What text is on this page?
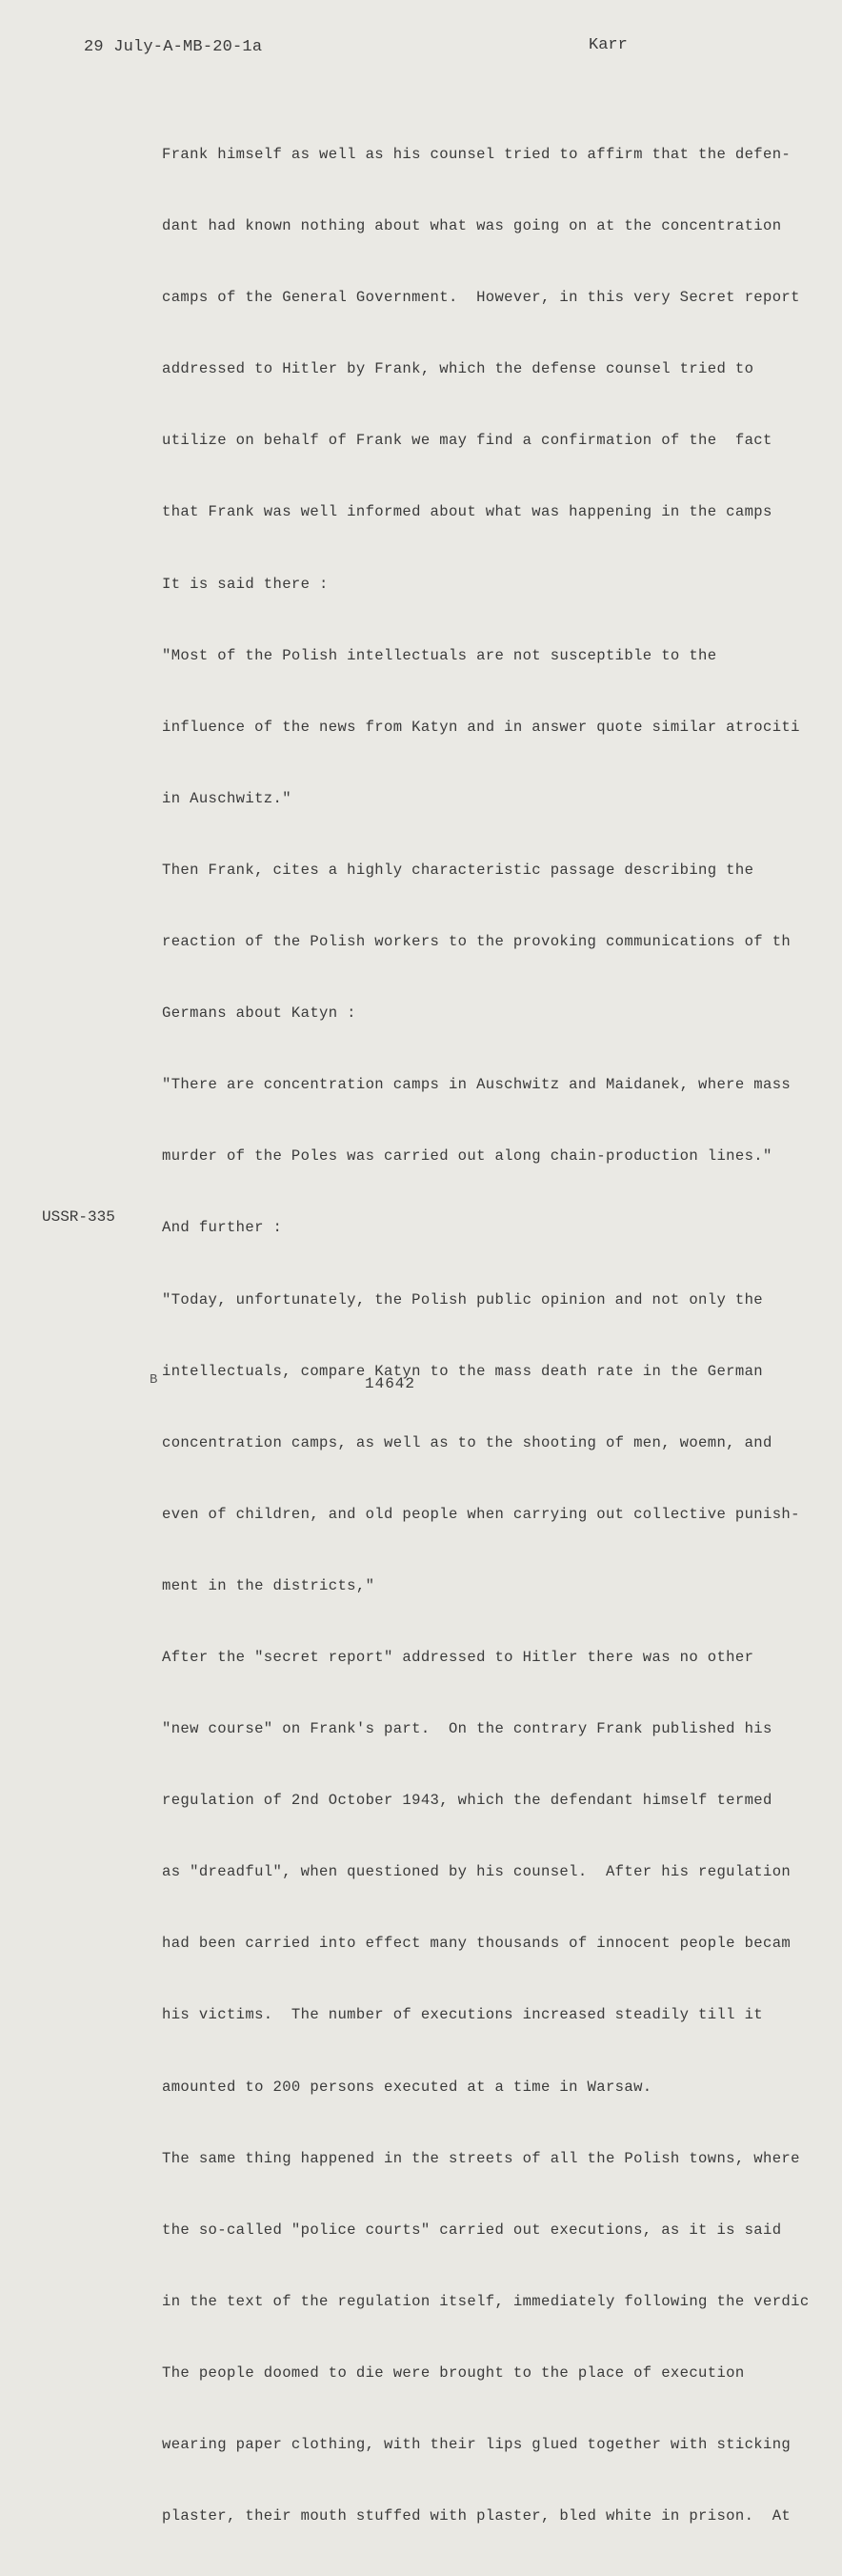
29 July-A-MB-20-1a	Karr

Frank himself as well as his counsel tried to affirm that the defen-

dant had known nothing about what was going on at the concentration

camps of the General Government.  However, in this very Secret report

addressed to Hitler by Frank, which the defense counsel tried to

utilize on behalf of Frank we may find a confirmation of the  fact

that Frank was well informed about what was happening in the camps

It is said there :

"Most of the Polish intellectuals are not susceptible to the

influence of the news from Katyn and in answer quote similar atrociti

in Auschwitz."

Then Frank, cites a highly characteristic passage describing the

reaction of the Polish workers to the provoking communications of th

Germans about Katyn :

"There are concentration camps in Auschwitz and Maidanek, where mass

murder of the Poles was carried out along chain-production lines."

And further :

"Today, unfortunately, the Polish public opinion and not only the

intellectuals, compare Katyn to the mass death rate in the German

concentration camps, as well as to the shooting of men, woemn, and

even of children, and old people when carrying out collective punish-

ment in the districts,"

After the "secret report" addressed to Hitler there was no other

"new course" on Frank's part.  On the contrary Frank published his

regulation of 2nd October 1943, which the defendant himself termed

as "dreadful", when questioned by his counsel.  After his regulation

had been carried into effect many thousands of innocent people becam

his victims.  The number of executions increased steadily till it

amounted to 200 persons executed at a time in Warsaw.

The same thing happened in the streets of all the Polish towns, where

the so-called "police courts" carried out executions, as it is said

in the text of the regulation itself, immediately following the verdic

The people doomed to die were brought to the place of execution

wearing paper clothing, with their lips glued together with sticking

plaster, their mouth stuffed with plaster, bled white in prison.  At

USSR-335
B	14642
